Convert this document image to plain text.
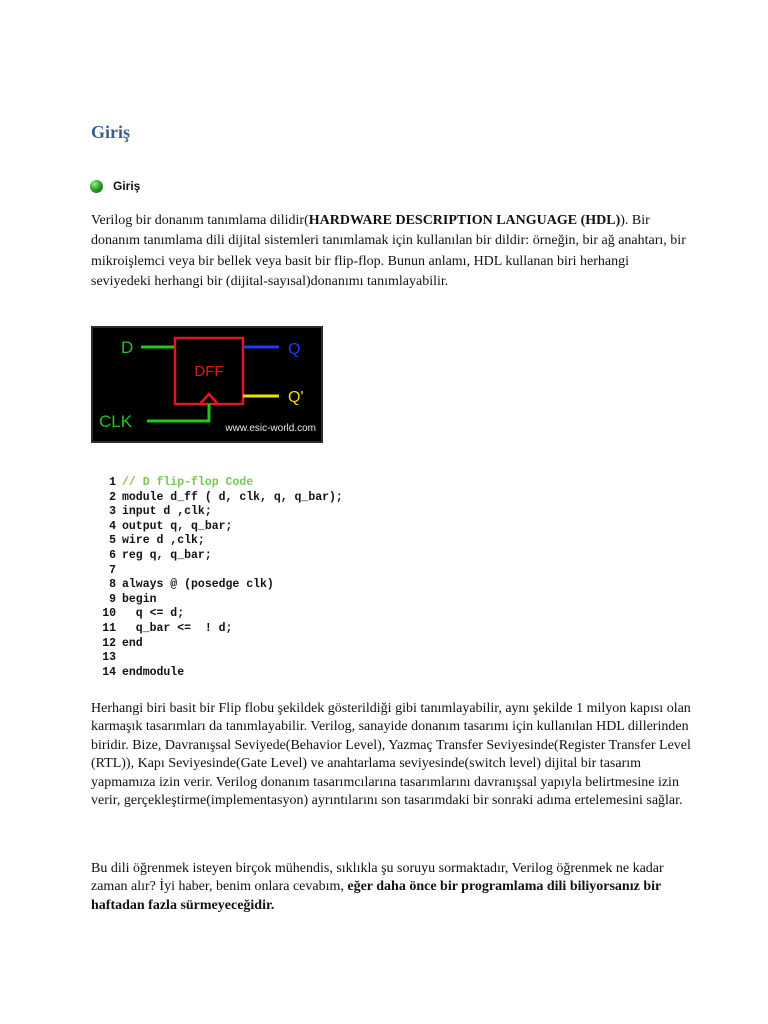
Giriş
Giriş

Verilog bir donanım tanımlama dilidir(HARDWARE DESCRIPTION LANGUAGE (HDL)). Bir donanım tanımlama dili dijital sistemleri tanımlamak için kullanılan bir dildir: örneğin, bir ağ anahtarı, bir mikroişlemci veya bir bellek veya basit bir flip-flop. Bunun anlamı, HDL kullanan biri herhangi seviyedeki herhangi bir (dijital-sayısal)donanımı tanımlayabilir.

D
DFF
Q
Q'
CLK	www.esic-world.com
1 // D flip-flop Code
2 module d_ff ( d, clk, q, q_bar);
3 input d ,clk;
4 output q, q_bar;
5 wire d ,clk;
6 reg q, q_bar;
7
8 always @ (posedge clk)
9 begin
10 q <= d;
11 q_bar <=  ! d;
12 end
13
14 endmodule

Herhangi biri basit bir Flip flobu şekildek gösterildiği gibi tanımlayabilir, aynı şekilde 1 milyon kapısı olan karmaşık tasarımları da tanımlayabilir. Verilog, sanayide donanım tasarımı için kullanılan HDL dillerinden biridir. Bize, Davranışsal Seviyede(Behavior Level), Yazmaç Transfer Seviyesinde(Register Transfer Level (RTL)), Kapı Seviyesinde(Gate Level) ve anahtarlama seviyesinde(switch level) dijital bir tasarım yapmamıza izin verir. Verilog donanım tasarımcılarına tasarımlarını davranışsal yapıyla belirtmesine izin verir, gerçekleştirme(implementasyon) ayrıntılarını son tasarımdaki bir sonraki adıma ertelemesini sağlar.

Bu dili öğrenmek isteyen birçok mühendis, sıklıkla şu soruyu sormaktadır, Verilog öğrenmek ne kadar zaman alır? İyi haber, benim onlara cevabım, eğer daha önce bir programlama dili biliyorsanız bir haftadan fazla sürmeyeceğidir.
